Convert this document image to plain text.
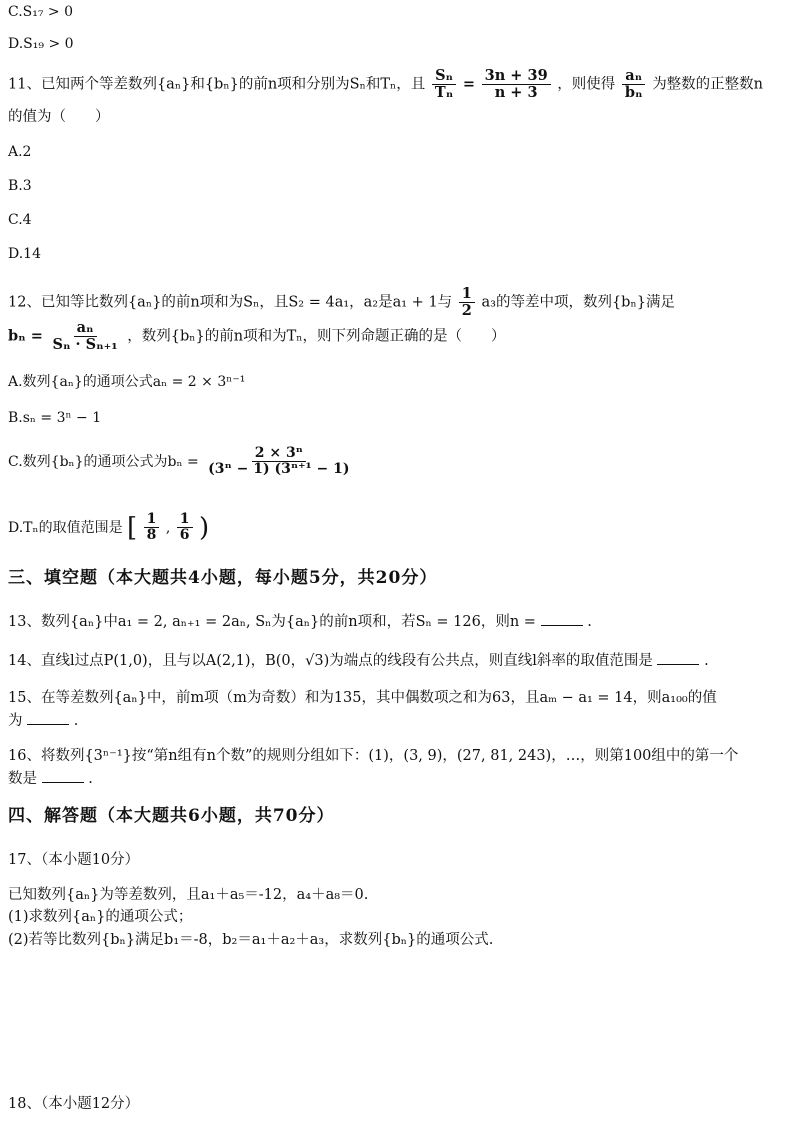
C.S₁₇ > 0
D.S₁₉ > 0
11、已知两个等差数列{aₙ}和{bₙ}的前n项和分别为Sₙ和Tₙ，且 $\frac{\text{Sₙ}}{\text{Tₙ}} = \frac{3n + 39}{n + 3}$ ，则使得 $\frac{\text{aₙ}}{\text{bₙ}}$ 为整数的正整数n
的值为（　　）
A.2
B.3
C.4
D.14
12、已知等比数列{aₙ}的前n项和为Sₙ，且S₂ = 4a₁，a₂是a₁ + 1与 $\frac{1}{2} a_3$的等差中项，数列{bₙ}满足
$b_n = \frac{\text{aₙ}}{\text{Sₙ · Sₙ₊₁}}$ ，数列{bₙ}的前n项和为Tₙ，则下列命题正确的是（　　）
A.数列{aₙ}的通项公式aₙ = 2 × 3ⁿ⁻¹
B.sₙ = 3ⁿ − 1
C.数列{bₙ}的通项公式为$b_n = \frac{\text{2 × 3ⁿ}}{\text{(3ⁿ − 1) (3ⁿ⁺¹ − 1)}}$
D.Tₙ的取值范围是 [ $\frac{1}{8}$ , $\frac{1}{6}$ )
三、填空题（本大题共4小题，每小题5分，共20分）
13、数列{aₙ}中a₁ = 2, aₙ₊₁ = 2aₙ, Sₙ为{aₙ}的前n项和，若Sₙ = 126，则n =	.
14、直线l过点P(1,0)，且与以A(2,1)，B(0，√3)为端点的线段有公共点，则直线l斜率的取值范围是	.
15、在等差数列{aₙ}中，前m项（m为奇数）和为135，其中偶数项之和为63，且aₘ − a₁ = 14，则a₁₀₀的值
为	.
16、将数列{3ⁿ⁻¹}按“第n组有n个数”的规则分组如下：(1)，(3, 9)，(27, 81, 243)，…，则第100组中的第一个
数是	.
四、解答题（本大题共6小题，共70分）
17、（本小题10分）
已知数列{aₙ}为等差数列，且a₁＋a₅＝-12，a₄＋a₈＝0.
(1)求数列{aₙ}的通项公式；
(2)若等比数列{bₙ}满足b₁＝-8，b₂＝a₁＋a₂＋a₃，求数列{bₙ}的通项公式.
18、（本小题12分）
